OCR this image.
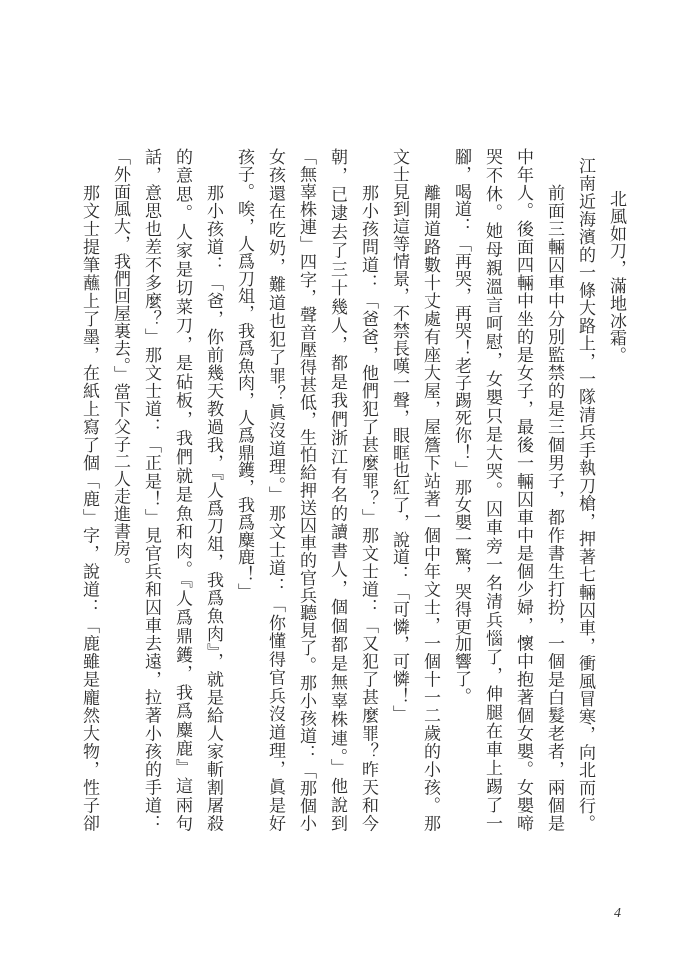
北風如刀，滿地冰霜。
江南近海濱的一條大路上，一隊清兵手執刀槍，押著七輛囚車，衝風冒寒，向北而行。
前面三輛囚車中分別監禁的是三個男子，都作書生打扮，一個是白髮老者，兩個是
中年人。後面四輛中坐的是女子，最後一輛囚車中是個少婦，懷中抱著個女嬰。女嬰啼
哭不休。她母親溫言呵慰，女嬰只是大哭。囚車旁一名清兵惱了，伸腿在車上踢了一
腳，喝道：「再哭，再哭！老子踢死你！」那女嬰一驚，哭得更加響了。
離開道路數十丈處有座大屋，屋簷下站著一個中年文士，一個十一二歲的小孩。那
文士見到這等情景，不禁長嘆一聲，眼眶也紅了，說道：「可憐，可憐！」
那小孩問道：「爸爸，他們犯了甚麼罪？」那文士道：「又犯了甚麼罪？昨天和今
朝，已逮去了三十幾人，都是我們浙江有名的讀書人，個個都是無辜株連。」他說到
「無辜株連」四字，聲音壓得甚低，生怕給押送囚車的官兵聽見了。那小孩道：「那個小
女孩還在吃奶，難道也犯了罪？眞沒道理。」那文士道：「你懂得官兵沒道理，眞是好
孩子。唉，人爲刀俎，我爲魚肉，人爲鼎鑊，我爲麋鹿！」
那小孩道：「爸，你前幾天教過我，『人爲刀俎，我爲魚肉』，就是給人家斬割屠殺
的意思。人家是切菜刀，是砧板，我們就是魚和肉。『人爲鼎鑊，我爲麋鹿』這兩句
話，意思也差不多麼？」那文士道：「正是！」見官兵和囚車去遠，拉著小孩的手道：
「外面風大，我們回屋裏去。」當下父子二人走進書房。
那文士提筆蘸上了墨，在紙上寫了個「鹿」字，說道：「鹿雖是龐然大物，性子卻
4
